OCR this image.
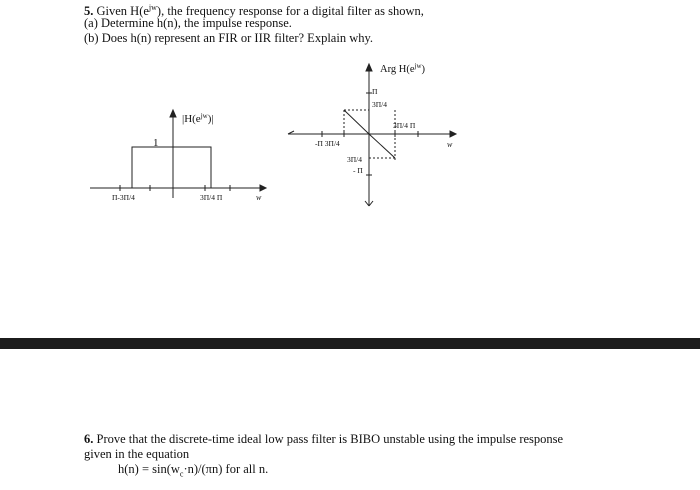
5. Given $H(e^{jw})$, the frequency response for a digital filter as shown,
(a) Determine h(n), the impulse response.
(b) Does h(n) represent an FIR or IIR filter? Explain why.
$|H(e^{jw})|$
1
Π-3Π/4	3Π/4 Π	w
Arg $H(e^{jw})$
Π
3Π/4
3Π/4 Π
-Π 3Π/4
3Π/4
- Π
w
6. Prove that the discrete-time ideal low pass filter is BIBO unstable using the impulse response
given in the equation
$h(n) = \sin(w_c\cdot n)/(\pi n)$ for all n.
